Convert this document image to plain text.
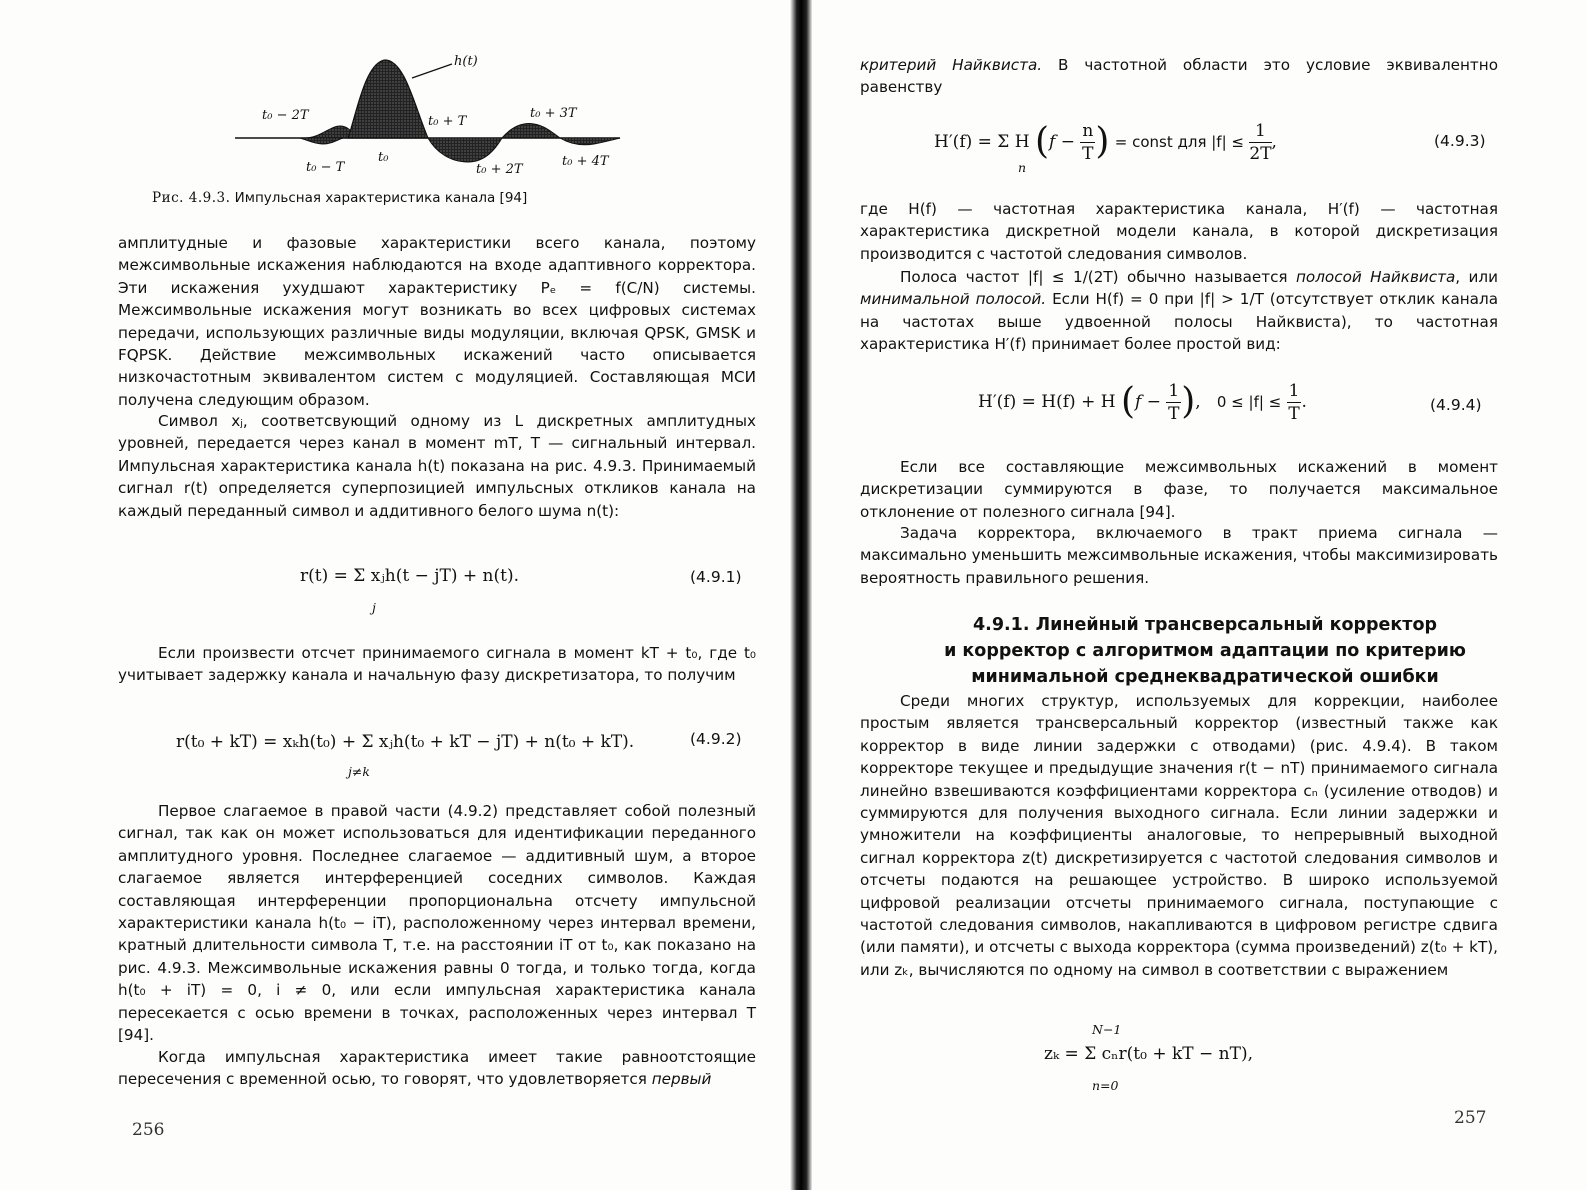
h(t)
t₀ − 2T	t₀ + T
t₀ + 3T
t₀ − T
t₀
t₀ + 2T
t₀ + 4T
Рис. 4.9.3. Импульсная характеристика канала [94]

амплитудные и фазовые характеристики всего канала, поэтому межсимвольные искажения наблюдаются на входе адаптивного корректора. Эти искажения ухудшают характеристику Pₑ = f(C/N) системы. Межсимвольные искажения могут возникать во всех цифровых системах передачи, использующих различные виды модуляции, включая QPSK, GMSK и FQPSK. Действие межсимвольных искажений часто описывается низкочастотным эквивалентом систем с модуляцией. Составляющая МСИ получена следующим образом.

Символ xⱼ, соответсвующий одному из L дискретных амплитудных уровней, передается через канал в момент mT, T — сигнальный интервал. Импульсная характеристика канала h(t) показана на рис. 4.9.3. Принимаемый сигнал r(t) определяется суперпозицией импульсных откликов канала на каждый переданный символ и аддитивного белого шума n(t):

r(t) = Σ xⱼh(t − jT) + n(t).
j
(4.9.1)

Если произвести отсчет принимаемого сигнала в момент kT + t₀, где t₀ учитывает задержку канала и начальную фазу дискретизатора, то получим

r(t₀ + kT) = xₖh(t₀) + Σ xⱼh(t₀ + kT − jT) + n(t₀ + kT).
j≠k
(4.9.2)

Первое слагаемое в правой части (4.9.2) представляет собой полезный сигнал, так как он может использоваться для идентификации переданного амплитудного уровня. Последнее слагаемое — аддитивный шум, а второе слагаемое является интерференцией соседних символов. Каждая составляющая интерференции пропорциональна отсчету импульсной характеристики канала h(t₀ − iT), расположенному через интервал времени, кратный длительности символа T, т.е. на расстоянии iT от t₀, как показано на рис. 4.9.3. Межсимвольные искажения равны 0 тогда, и только тогда, когда h(t₀ + iT) = 0, i ≠ 0, или если импульсная характеристика канала пересекается с осью времени в точках, расположенных через интервал T [94].

Когда импульсная характеристика имеет такие равноотстоящие пересечения с временной осью, то говорят, что удовлетворяется первый

256

критерий Найквиста. В частотной области это условие эквивалентно равенству

H′(f) = Σ H ($f - \frac{n}{T}$ ) = const для $|f| \le \frac{1}{2T}$ ,
n
(4.9.3)

где H(f) — частотная характеристика канала, H′(f) — частотная характеристика дискретной модели канала, в которой дискретизация производится с частотой следования символов.

Полоса частот |f| ≤ 1/(2T) обычно называется полосой Найквиста, или минимальной полосой. Если H(f) = 0 при |f| > 1/T (отсутствует отклик канала на частотах выше удвоенной полосы Найквиста), то частотная характеристика H′(f) принимает более простой вид:

H′(f) = H(f) + H ($f - \frac{1}{T}$ ),   $0 \le |f| \le \frac{1}{T}$ .	(4.9.4)

Если все составляющие межсимвольных искажений в момент дискретизации суммируются в фазе, то получается максимальное отклонение от полезного сигнала [94].

Задача корректора, включаемого в тракт приема сигнала — максимально уменьшить межсимвольные искажения, чтобы максимизировать вероятность правильного решения.

4.9.1. Линейный трансверсальный корректор
и корректор с алгоритмом адаптации по критерию
минимальной среднеквадратической ошибки

Среди многих структур, используемых для коррекции, наиболее простым является трансверсальный корректор (известный также как корректор в виде линии задержки с отводами) (рис. 4.9.4). В таком корректоре текущее и предыдущие значения r(t − nT) принимаемого сигнала линейно взвешиваются коэффициентами корректора cₙ (усиление отводов) и суммируются для получения выходного сигнала. Если линии задержки и умножители на коэффициенты аналоговые, то непрерывный выходной сигнал корректора z(t) дискретизируется с частотой следования символов и отсчеты подаются на решающее устройство. В широко используемой цифровой реализации отсчеты принимаемого сигнала, поступающие с частотой следования символов, накапливаются в цифровом регистре сдвига (или памяти), и отсчеты с выхода корректора (сумма произведений) z(t₀ + kT), или zₖ, вычисляются по одному на символ в соответствии с выражением

zₖ = Σ cₙr(t₀ + kT − nT),
N−1
n=0
257
